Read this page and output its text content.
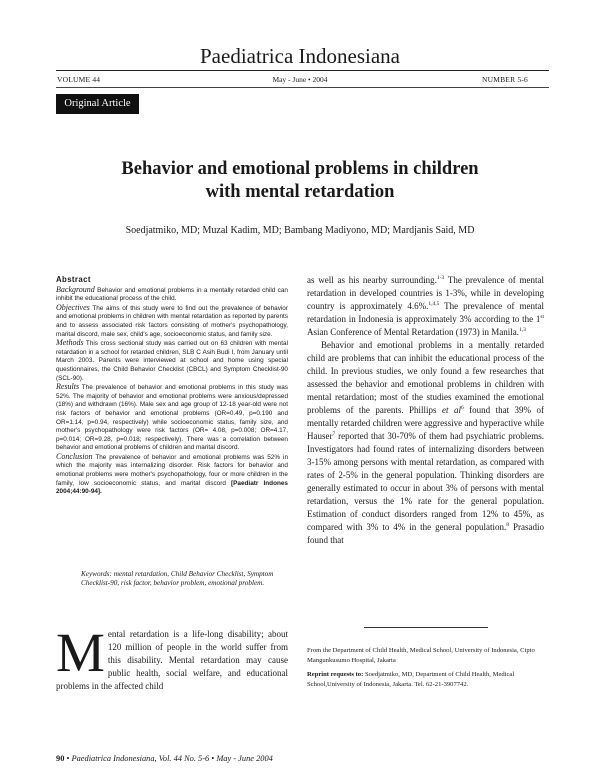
Paediatrica Indonesiana
VOLUME 44	May - June • 2004	NUMBER 5-6
Original Article
Behavior and emotional problems in children
with mental retardation
Soedjatmiko, MD; Muzal Kadim, MD; Bambang Madiyono, MD; Mardjanis Said, MD

Abstract

Background Behavior and emotional problems in a mentally retarded child can inhibit the educational process of the child.

Objectives The aims of this study were to find out the prevalence of behavior and emotional problems in children with mental retardation as reported by parents and to assess associated risk factors consisting of mother's psychopathology, marital discord, male sex, child's age, socioeconomic status, and family size.

Methods This cross sectional study was carried out on 63 children with mental retardation in a school for retarded children, SLB C Asih Budi I, from January until March 2003. Parents were interviewed at school and home using special questionnaires, the Child Behavior Checklist (CBCL) and Symptom Checklist-90 (SCL-90).

Results The prevalence of behavior and emotional problems in this study was 52%. The majority of behavior and emotional problems were anxious/depressed (18%) and withdrawn (16%). Male sex and age group of 12-18 year-old were not risk factors of behavior and emotional problems (OR=0.49, p=0.190 and OR=1.14, p=0.94, respectively) while socioeconomic status, family size, and mother's psychopathology were risk factors (OR= 4.08, p=0.008; OR=4.17, p=0.014; OR=9.28, p=0.018; respectively). There was a correlation between behavior and emotional problems of children and marital discord.

Conclusion The prevalence of behavior and emotional problems was 52% in which the majority was internalizing disorder. Risk factors for behavior and emotional problems were mother's psychopathology, four or more children in the family, low socioeconomic status, and marital discord [Paediatr Indones 2004;44:90-94].

Keywords: mental retardation, Child Behavior Checklist, Symptom Checklist-90, risk factor, behavior problem, emotional problem.
Mental retardation is a life-long disability; about 120 million of people in the world suffer from this disability. Mental retardation may cause public health, social welfare, and educational problems in the affected child

as well as his nearby surrounding.$^{1-3}$ The prevalence of mental retardation in developed countries is 1-3%, while in developing country is approximately 4.6%.$^{1,4,5}$ The prevalence of mental retardation in Indonesia is approximately 3% according to the 1st Asian Conference of Mental Retardation (1973) in Manila.$^{1,3}$

Behavior and emotional problems in a mentally retarded child are problems that can inhibit the educational process of the child. In previous studies, we only found a few researches that assessed the behavior and emotional problems in children with mental retardation; most of the studies examined the emotional problems of the parents. Phillips et $al^6$ found that 39% of mentally retarded children were aggressive and hyperactive while Hauser$^7$ reported that 30-70% of them had psychiatric problems. Investigators had found rates of internalizing disorders between 3-15% among persons with mental retardation, as compared with rates of 2-5% in the general population. Thinking disorders are generally estimated to occur in about 3% of persons with mental retardation, versus the 1% rate for the general population. Estimation of conduct disorders ranged from 12% to 45%, as compared with 3% to 4% in the general population.$^8$ Prasadio found that

From the Department of Child Health, Medical School, University of Indonesia, Cipto Mangunkusumo Hospital, Jakarta

Reprint requests to: Soedjatmiko, MD, Department of Child Health, Medical School,University of Indonesia, Jakarta. Tel. 62-21-3907742.

90 • Paediatrica Indonesiana, Vol. 44 No. 5-6 • May - June 2004
